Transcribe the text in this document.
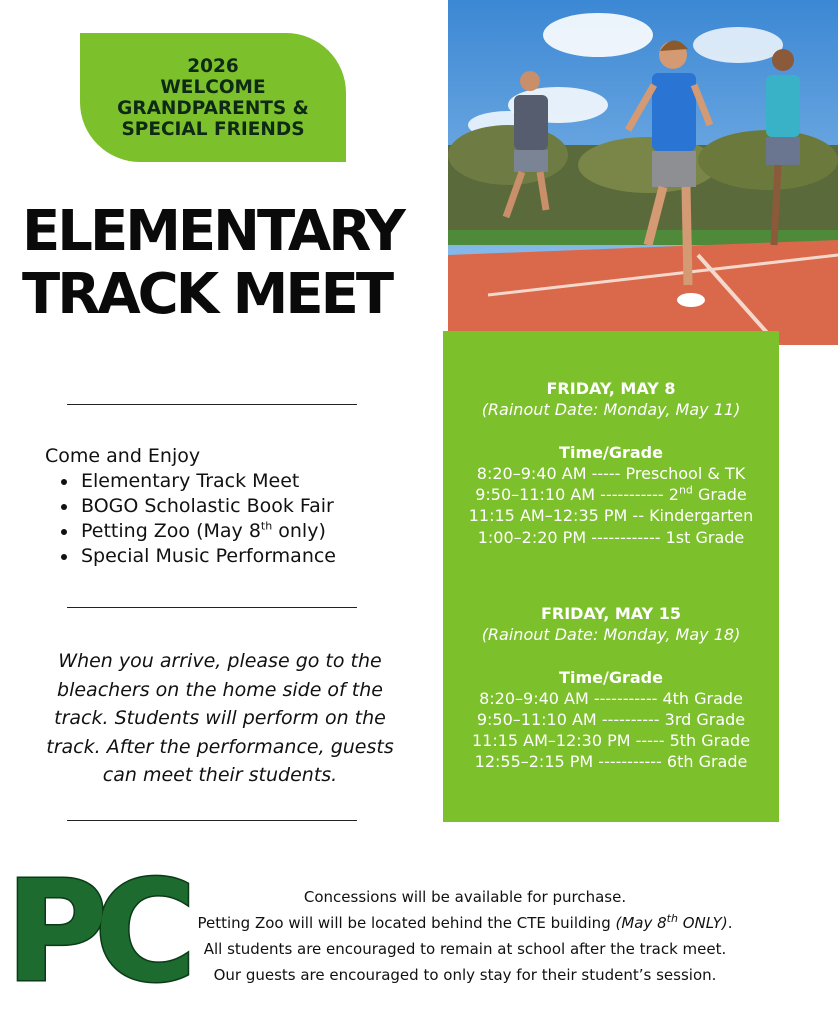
2026
WELCOME
GRANDPARENTS &
SPECIAL FRIENDS
ELEMENTARY
TRACK MEET
Come and Enjoy
• Elementary Track Meet
• BOGO Scholastic Book Fair
• Petting Zoo (May 8th only)
• Special Music Performance
When you arrive, please go to the
bleachers on the home side of the
track. Students will perform on the
track. After the performance, guests
can meet their students.
FRIDAY, MAY 8
(Rainout Date: Monday, May 11)
Time/Grade
8:20–9:40 AM ----- Preschool & TK
9:50–11:10 AM ----------- 2nd Grade
11:15 AM–12:35 PM -- Kindergarten
1:00–2:20 PM ------------ 1st Grade
FRIDAY, MAY 15
(Rainout Date: Monday, May 18)
Time/Grade
8:20–9:40 AM ----------- 4th Grade
9:50–11:10 AM ---------- 3rd Grade
11:15 AM–12:30 PM ----- 5th Grade
12:55–2:15 PM ----------- 6th Grade
PC	Concessions will be available for purchase.
Petting Zoo will will be located behind the CTE building (May 8th ONLY).
All students are encouraged to remain at school after the track meet.
Our guests are encouraged to only stay for their student’s session.
